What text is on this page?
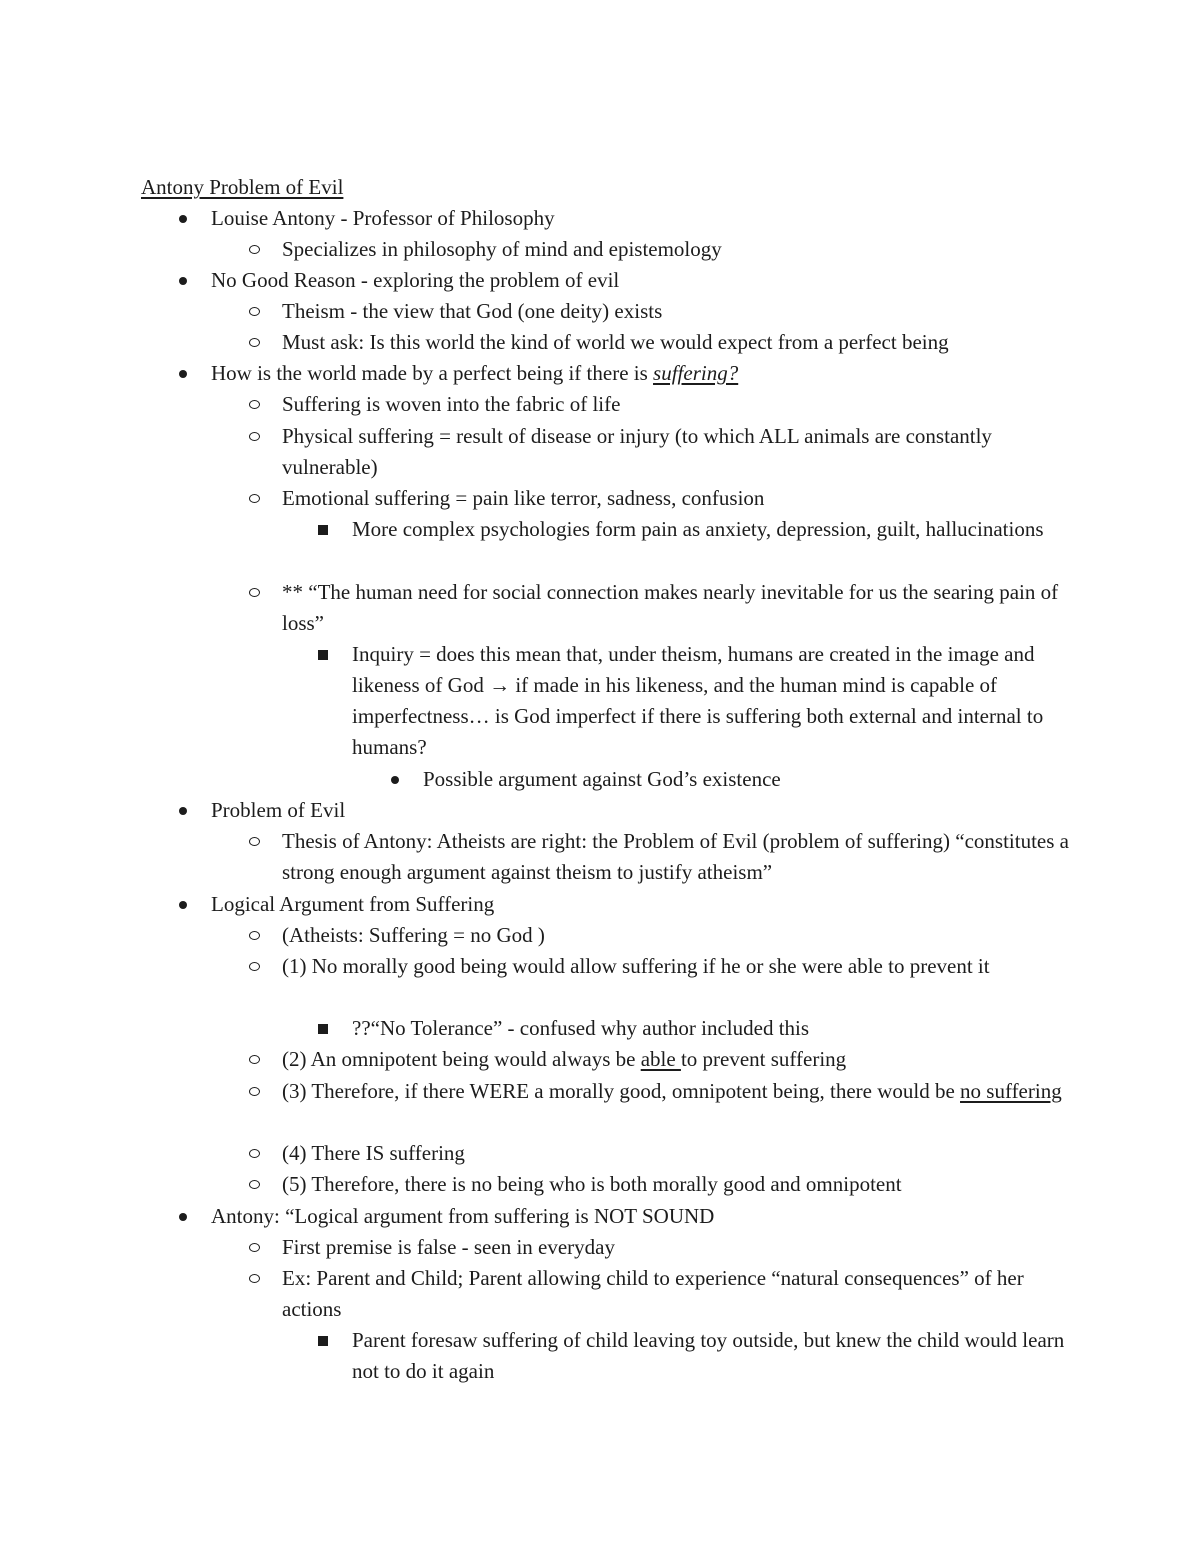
Antony Problem of Evil
Louise Antony - Professor of Philosophy
Specializes in philosophy of mind and epistemology
No Good Reason - exploring the problem of evil
Theism - the view that God (one deity) exists
Must ask: Is this world the kind of world we would expect from a perfect being
How is the world made by a perfect being if there is suffering?
Suffering is woven into the fabric of life
Physical suffering = result of disease or injury (to which ALL animals are constantly vulnerable)
Emotional suffering = pain like terror, sadness, confusion
More complex psychologies form pain as anxiety, depression, guilt, hallucinations
** “The human need for social connection makes nearly inevitable for us the searing pain of loss”
Inquiry = does this mean that, under theism, humans are created in the image and likeness of God → if made in his likeness, and the human mind is capable of imperfectness… is God imperfect if there is suffering both external and internal to humans?
Possible argument against God’s existence
Problem of Evil
Thesis of Antony: Atheists are right: the Problem of Evil (problem of suffering) “constitutes a strong enough argument against theism to justify atheism”
Logical Argument from Suffering
(Atheists: Suffering = no God )
(1) No morally good being would allow suffering if he or she were able to prevent it
??“No Tolerance” - confused why author included this
(2) An omnipotent being would always be able to prevent suffering
(3) Therefore, if there WERE a morally good, omnipotent being, there would be no suffering
(4) There IS suffering
(5) Therefore, there is no being who is both morally good and omnipotent
Antony: “Logical argument from suffering is NOT SOUND
First premise is false - seen in everyday
Ex: Parent and Child; Parent allowing child to experience “natural consequences” of her actions
Parent foresaw suffering of child leaving toy outside, but knew the child would learn not to do it again
